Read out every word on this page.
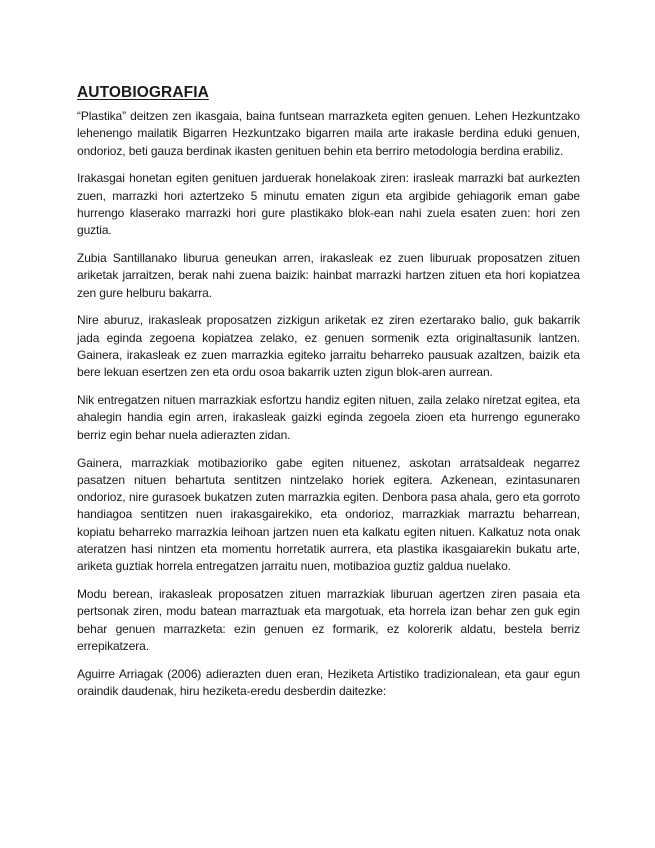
AUTOBIOGRAFIA

“Plastika” deitzen zen ikasgaia, baina funtsean marrazketa egiten genuen. Lehen Hezkuntzako lehenengo mailatik Bigarren Hezkuntzako bigarren maila arte irakasle berdina eduki genuen, ondorioz, beti gauza berdinak ikasten genituen behin eta berriro metodologia berdina erabiliz.

Irakasgai honetan egiten genituen jarduerak honelakoak ziren: irasleak marrazki bat aurkezten zuen, marrazki hori aztertzeko 5 minutu ematen zigun eta argibide gehiagorik eman gabe hurrengo klaserako marrazki hori gure plastikako blok-ean nahi zuela esaten zuen: hori zen guztia.

Zubia Santillanako liburua geneukan arren, irakasleak ez zuen liburuak proposatzen zituen ariketak jarraitzen, berak nahi zuena baizik: hainbat marrazki hartzen zituen eta hori kopiatzea zen gure helburu bakarra.

Nire aburuz, irakasleak proposatzen zizkigun ariketak ez ziren ezertarako balio, guk bakarrik jada eginda zegoena kopiatzea zelako, ez genuen sormenik ezta originaltasunik lantzen. Gainera, irakasleak ez zuen marrazkia egiteko jarraitu beharreko pausuak azaltzen, baizik eta bere lekuan esertzen zen eta ordu osoa bakarrik uzten zigun blok-aren aurrean.

Nik entregatzen nituen marrazkiak esfortzu handiz egiten nituen, zaila zelako niretzat egitea, eta ahalegin handia egin arren, irakasleak gaizki eginda zegoela zioen eta hurrengo egunerako berriz egin behar nuela adierazten zidan.

Gainera, marrazkiak motibazioriko gabe egiten nituenez, askotan arratsaldeak negarrez pasatzen nituen behartuta sentitzen nintzelako horiek egitera. Azkenean, ezintasunaren ondorioz, nire gurasoek bukatzen zuten marrazkia egiten. Denbora pasa ahala, gero eta gorroto handiagoa sentitzen nuen irakasgairekiko, eta ondorioz, marrazkiak marraztu beharrean, kopiatu beharreko marrazkia leihoan jartzen nuen eta kalkatu egiten nituen. Kalkatuz nota onak ateratzen hasi nintzen eta momentu horretatik aurrera, eta plastika ikasgaiarekin bukatu arte, ariketa guztiak horrela entregatzen jarraitu nuen, motibazioa guztiz galdua nuelako.

Modu berean, irakasleak proposatzen zituen marrazkiak liburuan agertzen ziren pasaia eta pertsonak ziren, modu batean marraztuak eta margotuak, eta horrela izan behar zen guk egin behar genuen marrazketa: ezin genuen ez formarik, ez kolorerik aldatu, bestela berriz errepikatzera.

Aguirre Arriagak (2006) adierazten duen eran, Heziketa Artistiko tradizionalean, eta gaur egun oraindik daudenak, hiru heziketa-eredu desberdin daitezke:
